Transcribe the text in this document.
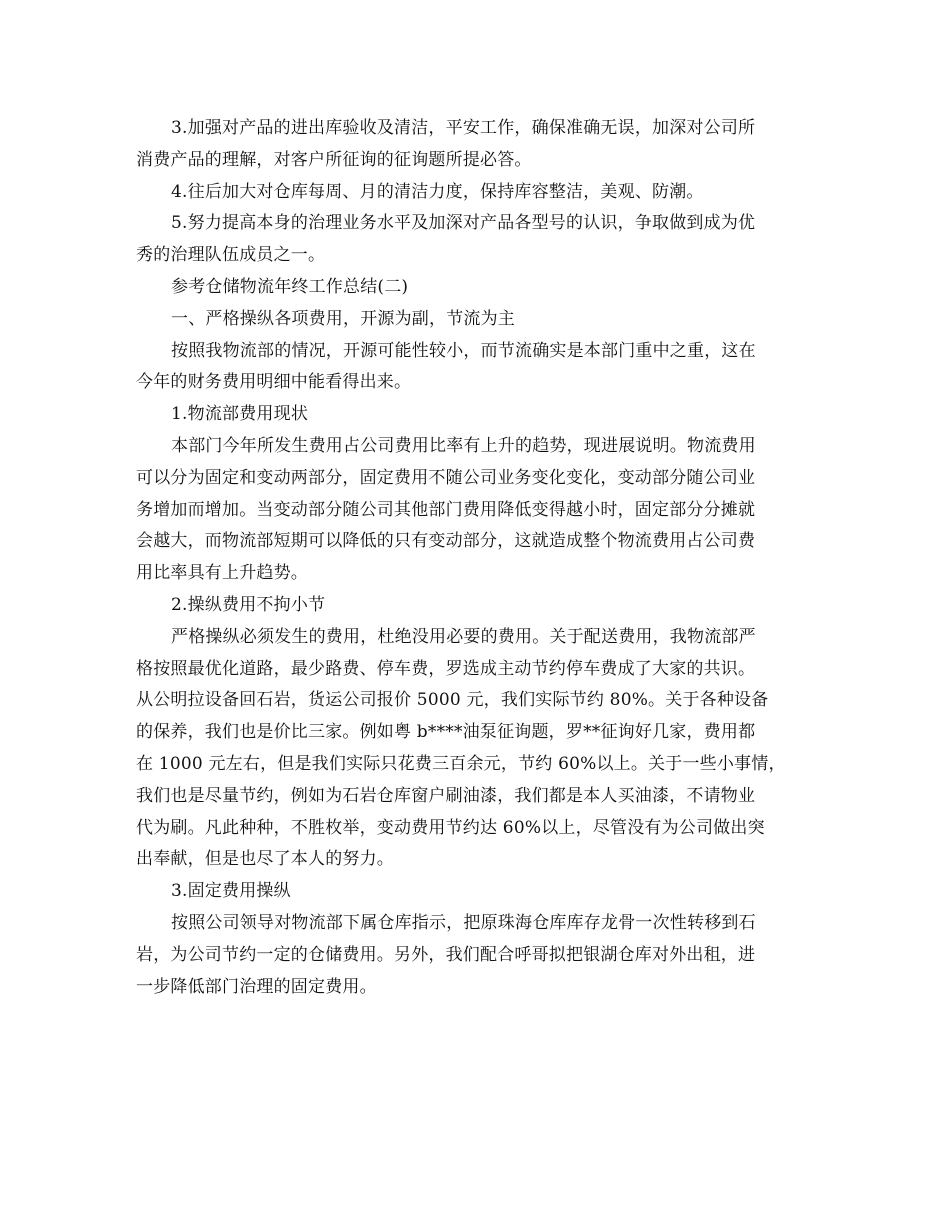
3.加强对产品的进出库验收及清洁，平安工作，确保准确无误，加深对公司所
消费产品的理解，对客户所征询的征询题所提必答。
4.往后加大对仓库每周、月的清洁力度，保持库容整洁，美观、防潮。
5.努力提高本身的治理业务水平及加深对产品各型号的认识，争取做到成为优
秀的治理队伍成员之一。
参考仓储物流年终工作总结(二)
一、严格操纵各项费用，开源为副，节流为主
按照我物流部的情况，开源可能性较小，而节流确实是本部门重中之重，这在
今年的财务费用明细中能看得出来。
1.物流部费用现状
本部门今年所发生费用占公司费用比率有上升的趋势，现进展说明。物流费用
可以分为固定和变动两部分，固定费用不随公司业务变化变化，变动部分随公司业
务增加而增加。当变动部分随公司其他部门费用降低变得越小时，固定部分分摊就
会越大，而物流部短期可以降低的只有变动部分，这就造成整个物流费用占公司费
用比率具有上升趋势。
2.操纵费用不拘小节
严格操纵必须发生的费用，杜绝没用必要的费用。关于配送费用，我物流部严
格按照最优化道路，最少路费、停车费，罗选成主动节约停车费成了大家的共识。
从公明拉设备回石岩，货运公司报价 5000 元，我们实际节约 80%。关于各种设备
的保养，我们也是价比三家。例如粤 b****油泵征询题，罗**征询好几家，费用都
在 1000 元左右，但是我们实际只花费三百余元，节约 60%以上。关于一些小事情，
我们也是尽量节约，例如为石岩仓库窗户刷油漆，我们都是本人买油漆，不请物业
代为刷。凡此种种，不胜枚举，变动费用节约达 60%以上，尽管没有为公司做出突
出奉献，但是也尽了本人的努力。
3.固定费用操纵
按照公司领导对物流部下属仓库指示，把原珠海仓库库存龙骨一次性转移到石
岩，为公司节约一定的仓储费用。另外，我们配合呼哥拟把银湖仓库对外出租，进
一步降低部门治理的固定费用。
